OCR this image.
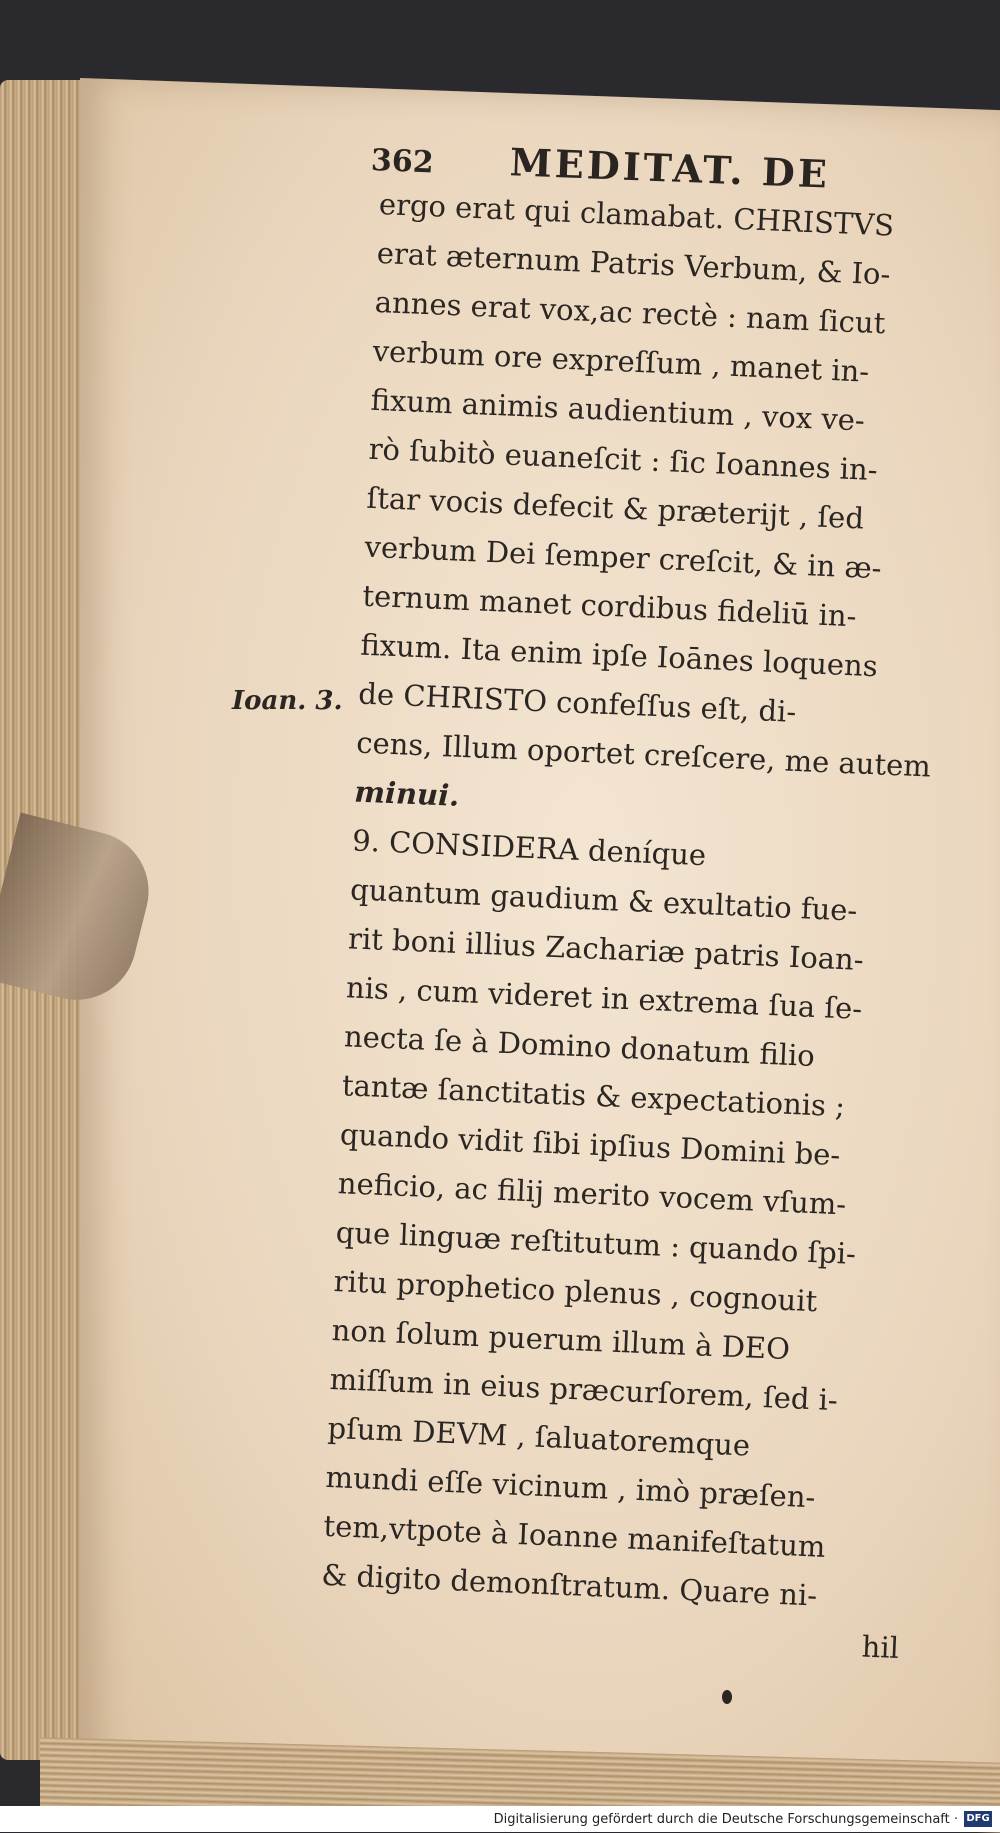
362 MEDITAT. DE
Ioan. 3.
ergo erat qui clamabat. CHRISTVS
erat æternum Patris Verbum, & Io-
annes erat vox,ac rectè : nam ſicut
verbum ore expreſſum , manet in-
fixum animis audientium , vox ve-
rò ſubitò euaneſcit : ſic Ioannes in-
ſtar vocis defecit & præterijt , ſed
verbum Dei ſemper creſcit, & in æ-
ternum manet cordibus fideliū in-
fixum. Ita enim ipſe Ioānes loquens
de CHRISTO confeſſus eſt, di-
cens, Illum oportet creſcere, me autem
minui.
9. CONSIDERA deníque
quantum gaudium & exultatio fue-
rit boni illius Zachariæ patris Ioan-
nis , cum videret in extrema ſua ſe-
necta ſe à Domino donatum filio
tantæ ſanctitatis & expectationis ;
quando vidit ſibi ipſius Domini be-
neficio, ac filij merito vocem vſum-
que linguæ reſtitutum : quando ſpi-
ritu prophetico plenus , cognouit
non ſolum puerum illum à DEO
miſſum in eius præcurſorem, ſed i-
pſum DEVM , ſaluatoremque
mundi eſſe vicinum , imò præſen-
tem,vtpote à Ioanne manifeſtatum
& digito demonſtratum. Quare ni-
hil
Digitalisierung gefördert durch die Deutsche Forschungsgemeinschaft · DFG
